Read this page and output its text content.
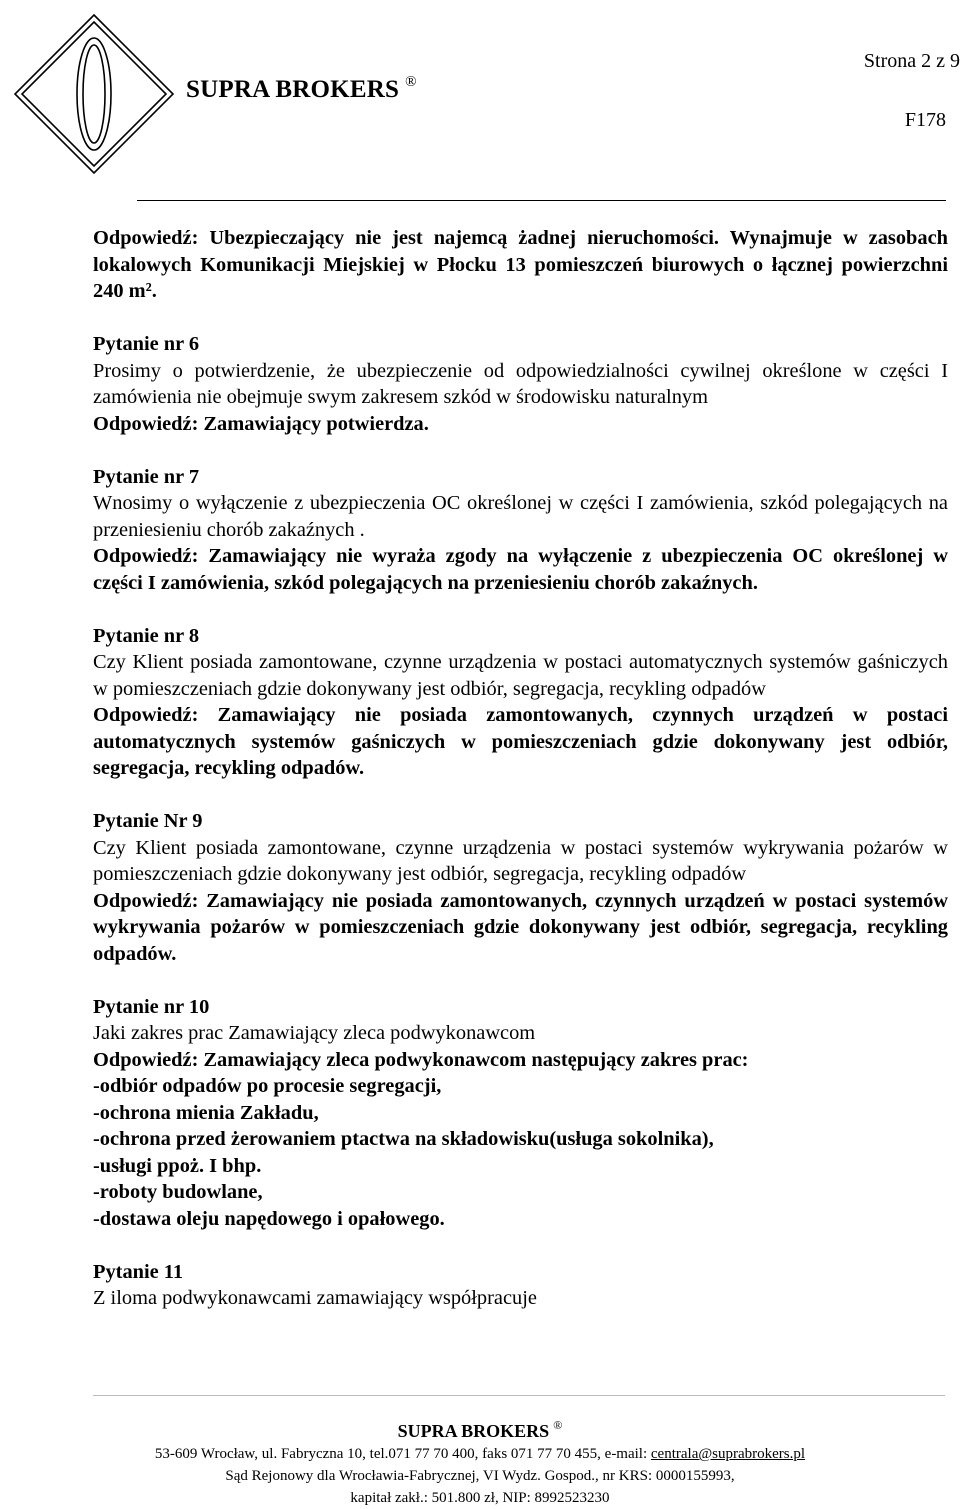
SUPRA BROKERS ®
Strona 2 z 9
F178

Odpowiedź: Ubezpieczający nie jest najemcą żadnej nieruchomości. Wynajmuje w zasobach lokalowych Komunikacji Miejskiej w Płocku 13 pomieszczeń biurowych o łącznej powierzchni 240 m².

Pytanie nr 6

Prosimy o potwierdzenie, że ubezpieczenie od odpowiedzialności cywilnej określone w części I zamówienia nie obejmuje swym zakresem szkód w środowisku naturalnym

Odpowiedź: Zamawiający potwierdza.

Pytanie nr 7

Wnosimy o wyłączenie z ubezpieczenia OC określonej w części I zamówienia, szkód polegających na przeniesieniu chorób zakaźnych .

Odpowiedź: Zamawiający nie wyraża zgody na wyłączenie z ubezpieczenia OC określonej w części I zamówienia, szkód polegających na przeniesieniu chorób zakaźnych.

Pytanie nr 8

Czy Klient posiada zamontowane, czynne urządzenia w postaci automatycznych systemów gaśniczych w pomieszczeniach gdzie dokonywany jest odbiór, segregacja, recykling odpadów

Odpowiedź: Zamawiający nie posiada zamontowanych, czynnych urządzeń w postaci automatycznych systemów gaśniczych w pomieszczeniach gdzie dokonywany jest odbiór, segregacja, recykling odpadów.

Pytanie Nr 9

Czy Klient posiada zamontowane, czynne urządzenia w postaci systemów wykrywania pożarów w pomieszczeniach gdzie dokonywany jest odbiór, segregacja, recykling odpadów

Odpowiedź: Zamawiający nie posiada zamontowanych, czynnych urządzeń w postaci systemów wykrywania pożarów w pomieszczeniach gdzie dokonywany jest odbiór, segregacja, recykling odpadów.

Pytanie nr 10

Jaki zakres prac Zamawiający zleca podwykonawcom

Odpowiedź: Zamawiający zleca podwykonawcom następujący zakres prac:

-odbiór odpadów po procesie segregacji,

-ochrona mienia Zakładu,

-ochrona przed żerowaniem ptactwa na składowisku(usługa sokolnika),

-usługi ppoż. I bhp.

-roboty budowlane,

-dostawa oleju napędowego i opałowego.

Pytanie 11

Z iloma podwykonawcami zamawiający współpracuje

SUPRA BROKERS ®
53-609 Wrocław, ul. Fabryczna 10, tel.071 77 70 400, faks 071 77 70 455, e-mail: centrala@suprabrokers.pl
Sąd Rejonowy dla Wrocławia-Fabrycznej, VI Wydz. Gospod., nr KRS: 0000155993,
kapitał zakł.: 501.800 zł, NIP: 8992523230
